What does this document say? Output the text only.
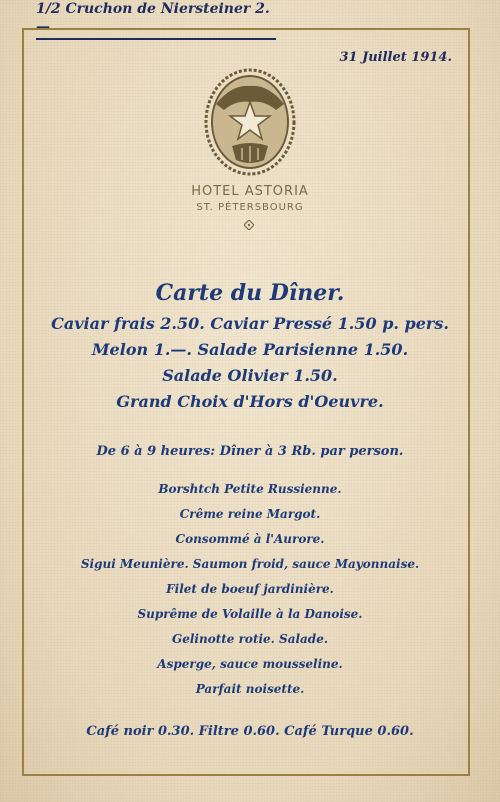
1/2 Cruchon de Niersteiner 2.—
31 Juillet 1914.
HOTEL ASTORIA
ST. PÉTERSBOURG
Carte du Dîner.
Caviar frais 2.50. Caviar Pressé 1.50 p. pers.
Melon 1.—. Salade Parisienne 1.50.
Salade Olivier 1.50.
Grand Choix d'Hors d'Oeuvre.
De 6 à 9 heures: Dîner à 3 Rb. par person.
Borshtch Petite Russienne.
Crême reine Margot.
Consommé à l'Aurore.
Sigui Meunière. Saumon froid, sauce Mayonnaise.
Filet de boeuf jardinière.
Suprême de Volaille à la Danoise.
Gelinotte rotie. Salade.
Asperge, sauce mousseline.
Parfait noisette.
Café noir 0.30. Filtre 0.60. Café Turque 0.60.
